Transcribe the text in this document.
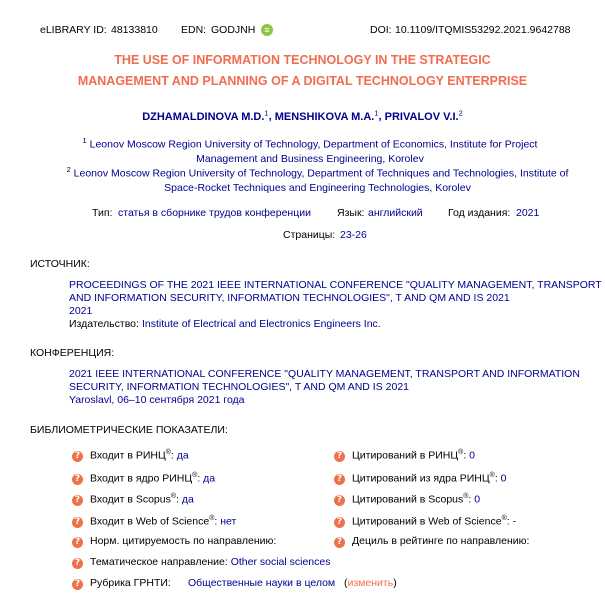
eLIBRARY ID: 48133810 EDN: GODJNH	≡	DOI: 10.1109/ITQMIS53292.2021.9642788
THE USE OF INFORMATION TECHNOLOGY IN THE STRATEGIC
MANAGEMENT AND PLANNING OF A DIGITAL TECHNOLOGY ENTERPRISE
DZHAMALDINOVA M.D.$^1$, MENSHIKOVA M.A.$^1$, PRIVALOV V.I.$^2$
$^1$ Leonov Moscow Region University of Technology, Department of Economics, Institute for Project
Management and Business Engineering, Korolev
$^2$ Leonov Moscow Region University of Technology, Department of Techniques and Technologies, Institute of
Space-Rocket Techniques and Engineering Technologies, Korolev
Тип: статья в сборнике трудов конференции Язык: английский Год издания: 2021
Страницы: 23-26
ИСТОЧНИК:
PROCEEDINGS OF THE 2021 IEEE INTERNATIONAL CONFERENCE "QUALITY MANAGEMENT, TRANSPORT
AND INFORMATION SECURITY, INFORMATION TECHNOLOGIES", T AND QM AND IS 2021
2021
Издательство: Institute of Electrical and Electronics Engineers Inc.
КОНФЕРЕНЦИЯ:
2021 IEEE INTERNATIONAL CONFERENCE "QUALITY MANAGEMENT, TRANSPORT AND INFORMATION
SECURITY, INFORMATION TECHNOLOGIES", T AND QM AND IS 2021
Yaroslavl, 06–10 сентября 2021 года
БИБЛИОМЕТРИЧЕСКИЕ ПОКАЗАТЕЛИ:
? Входит в РИНЦ®: да
? Входит в ядро РИНЦ®: да
? Входит в Scopus®: да
? Входит в Web of Science®: нет
? Норм. цитируемость по направлению:
? Тематическое направление: Other social sciences
? Рубрика ГРНТИ: Общественные науки в целом (изменить)
? Цитирований в РИНЦ®: 0
? Цитирований из ядра РИНЦ®: 0
? Цитирований в Scopus®: 0
? Цитирований в Web of Science®: -
? Дециль в рейтинге по направлению:
